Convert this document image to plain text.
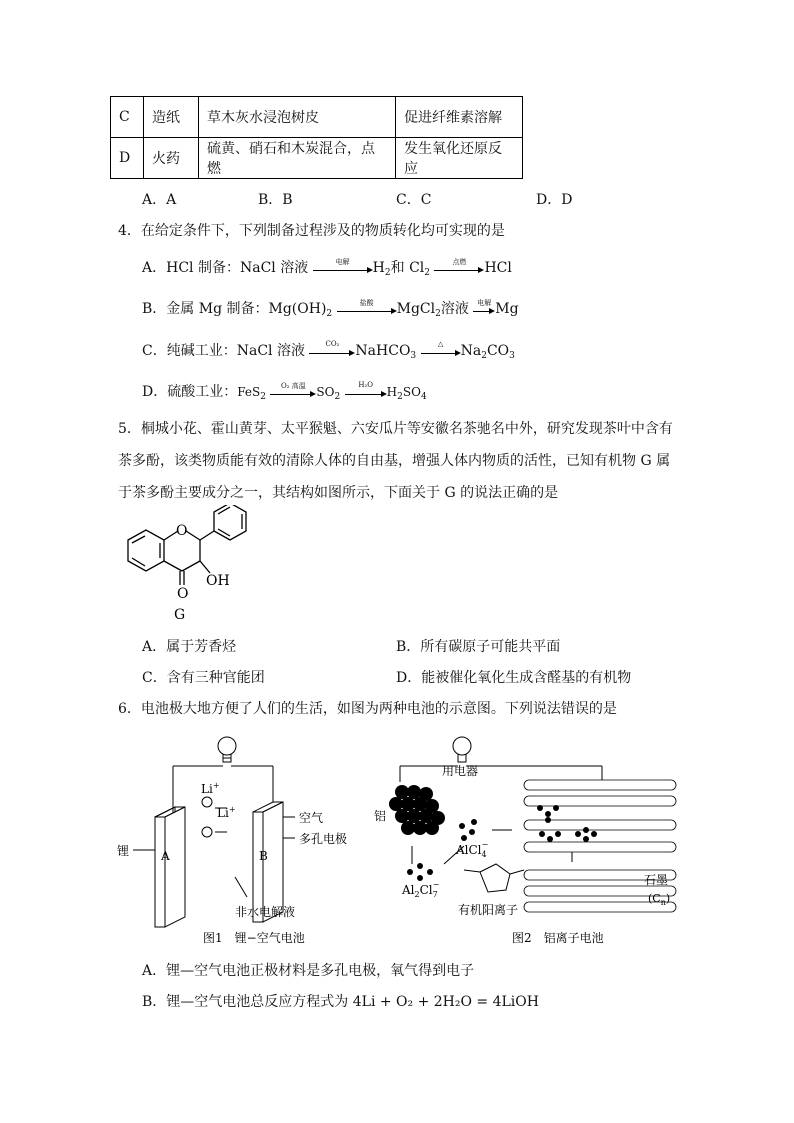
C	造纸	草木灰水浸泡树皮	促进纤维素溶解
D	火药	硫黄、硝石和木炭混合，点燃	发生氧化还原反应
A．A	B．B	C．C	D．D
4．在给定条件下，下列制备过程涉及的物质转化均可实现的是
A．HCl 制备：NaCl 溶液	电解	$H_2$和 $Cl_2$
点燃	HCl
B．金属 Mg 制备：$Mg(OH)_2$
盐酸	MgCl$_2$溶液	电解 Mg
C．纯碱工业：NaCl 溶液	CO₂	NaHCO$_3$
△	$Na_2CO_3$
D．硫酸工业：FeS$_2$
O₂ 高温 $SO_2$
H₂O	$H_2SO_4$
5．桐城小花、霍山黄芽、太平猴魁、六安瓜片等安徽名茶驰名中外，研究发现茶叶中含有
茶多酚，该类物质能有效的清除人体的自由基，增强人体内物质的活性，已知有机物 G 属
于茶多酚主要成分之一，其结构如图所示，下面关于 G 的说法正确的是
O
O
OH
G
A．属于芳香烃	B．所有碳原子可能共平面
C．含有三种官能团	D．能被催化氧化生成含醛基的有机物
6．电池极大地方便了人们的生活，如图为两种电池的示意图。下列说法错误的是
Li+
Li+
A	B
锂
空气
多孔电极
非水电解液
图1　锂−空气电池
用电器
铝
AlCl$_4$−
$Al_2Cl_7-$
有机阳离子
石墨
$(C_n)$
图2　铝离子电池
A．锂—空气电池正极材料是多孔电极，氧气得到电子
B．锂—空气电池总反应方程式为 4Li + O₂ + 2H₂O = 4LiOH
